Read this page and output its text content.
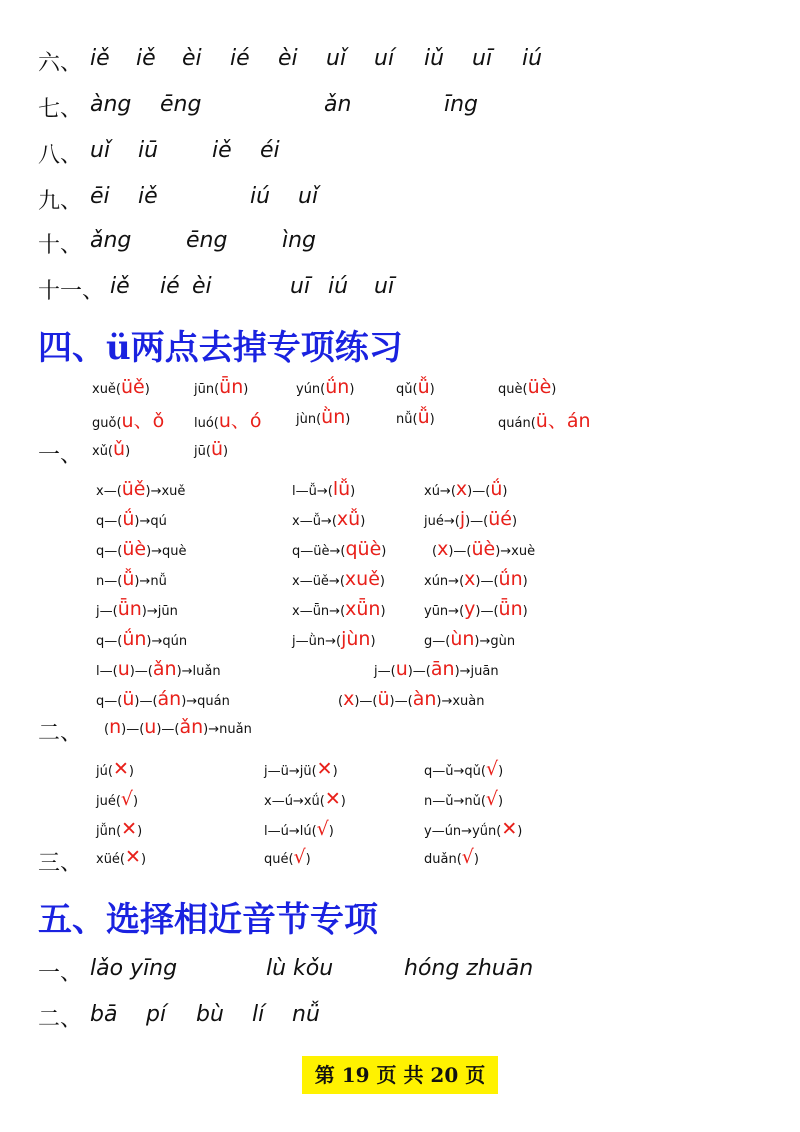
六、 iě iě èi ié èi uǐ uí iǔ uī iú
七、 àng ēng	ǎn	īng
八、 uǐ iū iě éi
九、 ēi iě	iú uǐ
十、 ǎng ēng ìng
十一、 iě ié èi	uī iú uī
四、ü两点去掉专项练习
一、
xuě(üě)	jūn(ǖn)	yún(ǘn)	qǔ(ǚ)	què(üè)
guǒ(u、ǒ luó(u、ó	jùn(ǜn)	nǚ(ǚ)	quán(ü、án
xǔ(ǔ)	jū(ü)
二、
x—(üě)→xuě	l—ǚ→(lǚ)	xú→(x)—(ǘ)
q—(ǘ)→qú	x—ǚ→(xǚ)	jué→(j)—(üé)
q—(üè)→què	q—üè→(qüè)	(x)—(üè)→xuè
n—(ǚ)→nǚ	x—üě→(xuě)	xún→(x)—(ǘn)
j—(ǖn)→jūn	x—ǖn→(xǖn)	yūn→(y)—(ǖn)
q—(ǘn)→qún	j—ǜn→(jùn)	g—(ùn)→gùn
l—(u)—(ǎn)→luǎn	j—(u)—(ān)→juān
q—(ü)—(án)→quán	(x)—(ü)—(àn)→xuàn
(n)—(u)—(ǎn)→nuǎn
三、
jú(✕)	j—ü→jü(✕)	q—ǔ→qǔ(√)
jué(√)	x—ú→xǘ(✕)	n—ǔ→nǔ(√)
jǚn(✕)	l—ú→lú(√)	y—ún→yǘn(✕)
xüé(✕)	qué(√)	duǎn(√)
五、选择相近音节专项
一、 lǎo yīng	lù kǒu	hóng zhuān
二、 bā pí bù lí nǚ
第 19 页 共 20 页
